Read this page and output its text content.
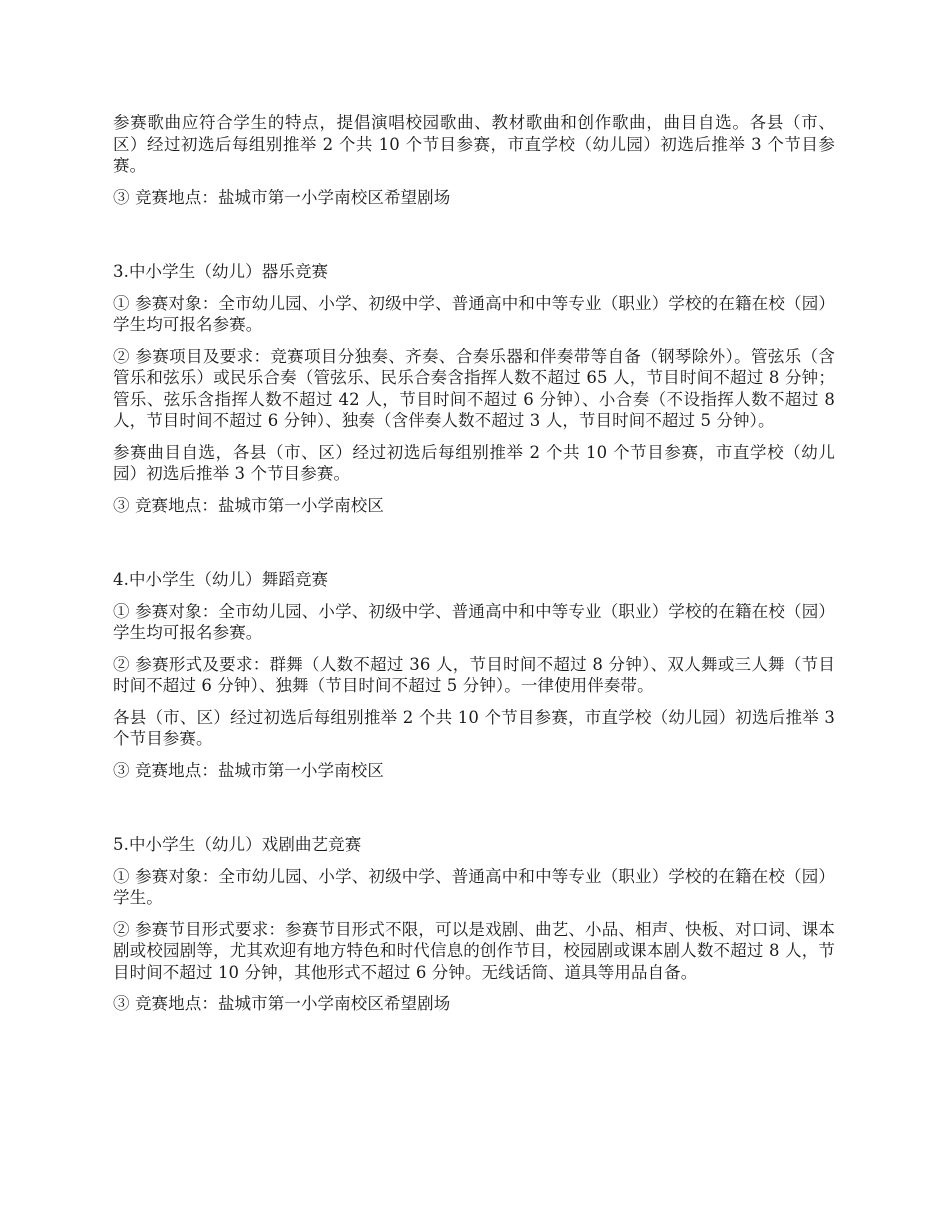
参赛歌曲应符合学生的特点，提倡演唱校园歌曲、教材歌曲和创作歌曲，曲目自选。各县（市、区）经过初选后每组别推举 2 个共 10 个节目参赛，市直学校（幼儿园）初选后推举 3 个节目参赛。

③ 竞赛地点：盐城市第一小学南校区希望剧场

3.中小学生（幼儿）器乐竞赛

① 参赛对象：全市幼儿园、小学、初级中学、普通高中和中等专业（职业）学校的在籍在校（园）学生均可报名参赛。

② 参赛项目及要求：竞赛项目分独奏、齐奏、合奏乐器和伴奏带等自备（钢琴除外）。管弦乐（含管乐和弦乐）或民乐合奏（管弦乐、民乐合奏含指挥人数不超过 65 人，节目时间不超过 8 分钟；管乐、弦乐含指挥人数不超过 42 人，节目时间不超过 6 分钟）、小合奏（不设指挥人数不超过 8 人，节目时间不超过 6 分钟）、独奏（含伴奏人数不超过 3 人，节目时间不超过 5 分钟）。

参赛曲目自选，各县（市、区）经过初选后每组别推举 2 个共 10 个节目参赛，市直学校（幼儿园）初选后推举 3 个节目参赛。

③ 竞赛地点：盐城市第一小学南校区

4.中小学生（幼儿）舞蹈竞赛

① 参赛对象：全市幼儿园、小学、初级中学、普通高中和中等专业（职业）学校的在籍在校（园）学生均可报名参赛。

② 参赛形式及要求：群舞（人数不超过 36 人，节目时间不超过 8 分钟）、双人舞或三人舞（节目时间不超过 6 分钟）、独舞（节目时间不超过 5 分钟）。一律使用伴奏带。

各县（市、区）经过初选后每组别推举 2 个共 10 个节目参赛，市直学校（幼儿园）初选后推举 3 个节目参赛。

③ 竞赛地点：盐城市第一小学南校区

5.中小学生（幼儿）戏剧曲艺竞赛

① 参赛对象：全市幼儿园、小学、初级中学、普通高中和中等专业（职业）学校的在籍在校（园）学生。

② 参赛节目形式要求：参赛节目形式不限，可以是戏剧、曲艺、小品、相声、快板、对口词、课本剧或校园剧等，尤其欢迎有地方特色和时代信息的创作节目，校园剧或课本剧人数不超过 8 人，节目时间不超过 10 分钟，其他形式不超过 6 分钟。无线话筒、道具等用品自备。

③ 竞赛地点：盐城市第一小学南校区希望剧场
